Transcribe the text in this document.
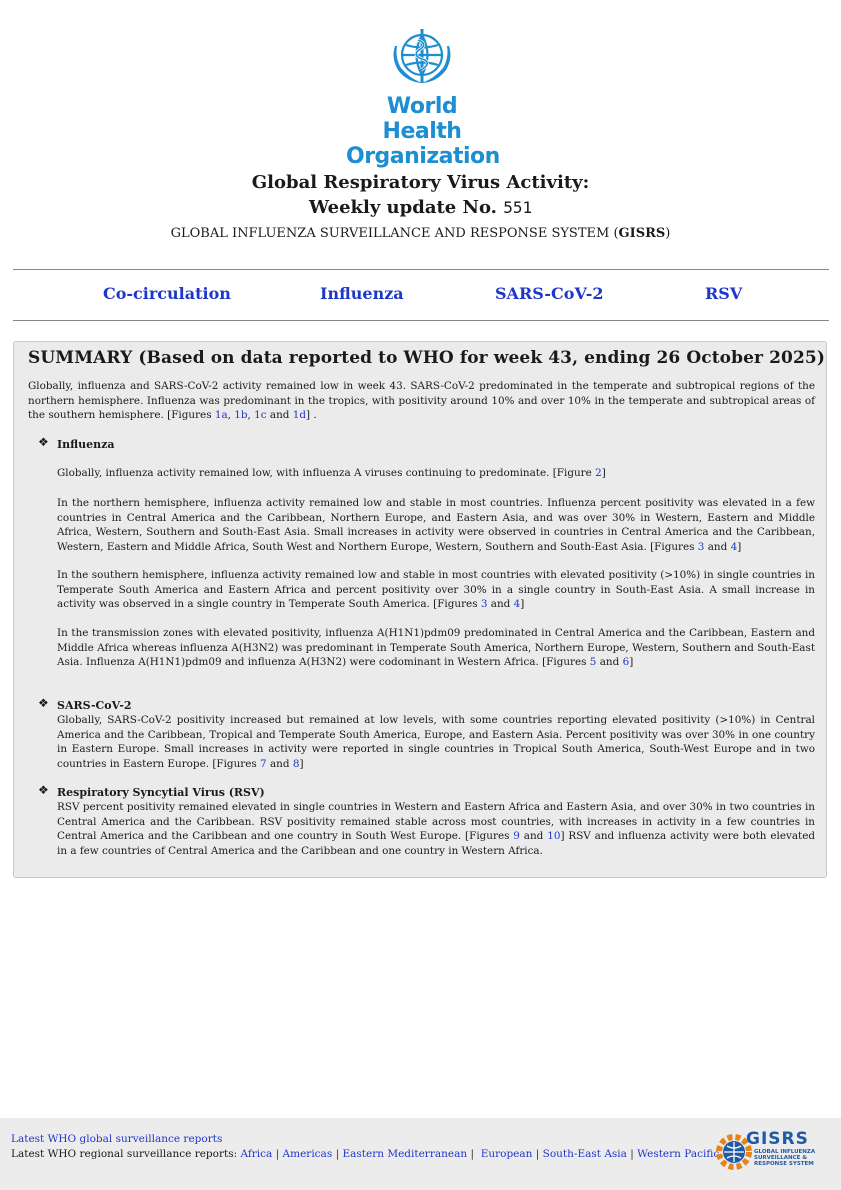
World Health
Organization
Global Respiratory Virus Activity:
Weekly update No. 551
GLOBAL INFLUENZA SURVEILLANCE AND RESPONSE SYSTEM (GISRS)
Co-circulation	Influenza	SARS-CoV-2	RSV
SUMMARY (Based on data reported to WHO for week 43, ending 26 October 2025)
Globally, influenza and SARS-CoV-2 activity remained low in week 43. SARS-CoV-2 predominated in the temperate and subtropical regions of the northern hemisphere. Influenza was predominant in the tropics, with positivity around 10% and over 10% in the temperate and subtropical areas of the southern hemisphere. [Figures 1a, 1b, 1c and 1d] .
❖ Influenza
Globally, influenza activity remained low, with influenza A viruses continuing to predominate. [Figure 2]
In the northern hemisphere, influenza activity remained low and stable in most countries. Influenza percent positivity was elevated in a few countries in Central America and the Caribbean, Northern Europe, and Eastern Asia, and was over 30% in Western, Eastern and Middle Africa, Western, Southern and South-East Asia. Small increases in activity were observed in countries in Central America and the Caribbean, Western, Eastern and Middle Africa, South West and Northern Europe, Western, Southern and South-East Asia. [Figures 3 and 4]
In the southern hemisphere, influenza activity remained low and stable in most countries with elevated positivity (>10%) in single countries in Temperate South America and Eastern Africa and percent positivity over 30% in a single country in South-East Asia. A small increase in activity was observed in a single country in Temperate South America. [Figures 3 and 4]
In the transmission zones with elevated positivity, influenza A(H1N1)pdm09 predominated in Central America and the Caribbean, Eastern and Middle Africa whereas influenza A(H3N2) was predominant in Temperate South America, Northern Europe, Western, Southern and South-East Asia. Influenza A(H1N1)pdm09 and influenza A(H3N2) were codominant in Western Africa. [Figures 5 and 6]
❖ SARS-CoV-2
Globally, SARS-CoV-2 positivity increased but remained at low levels, with some countries reporting elevated positivity (>10%) in Central America and the Caribbean, Tropical and Temperate South America, Europe, and Eastern Asia. Percent positivity was over 30% in one country in Eastern Europe. Small increases in activity were reported in single countries in Tropical South America, South-West Europe and in two countries in Eastern Europe. [Figures 7 and 8]
❖ Respiratory Syncytial Virus (RSV)
RSV percent positivity remained elevated in single countries in Western and Eastern Africa and Eastern Asia, and over 30% in two countries in Central America and the Caribbean. RSV positivity remained stable across most countries, with increases in activity in a few countries in Central America and the Caribbean and one country in South West Europe. [Figures 9 and 10] RSV and influenza activity were both elevated in a few countries of Central America and the Caribbean and one country in Western Africa.
Latest WHO global surveillance reports
Latest WHO regional surveillance reports: Africa | Americas | Eastern Mediterranean | European | South-East Asia | Western Pacific
GISRS
GLOBAL INFLUENZA
SURVEILLANCE &
RESPONSE SYSTEM
